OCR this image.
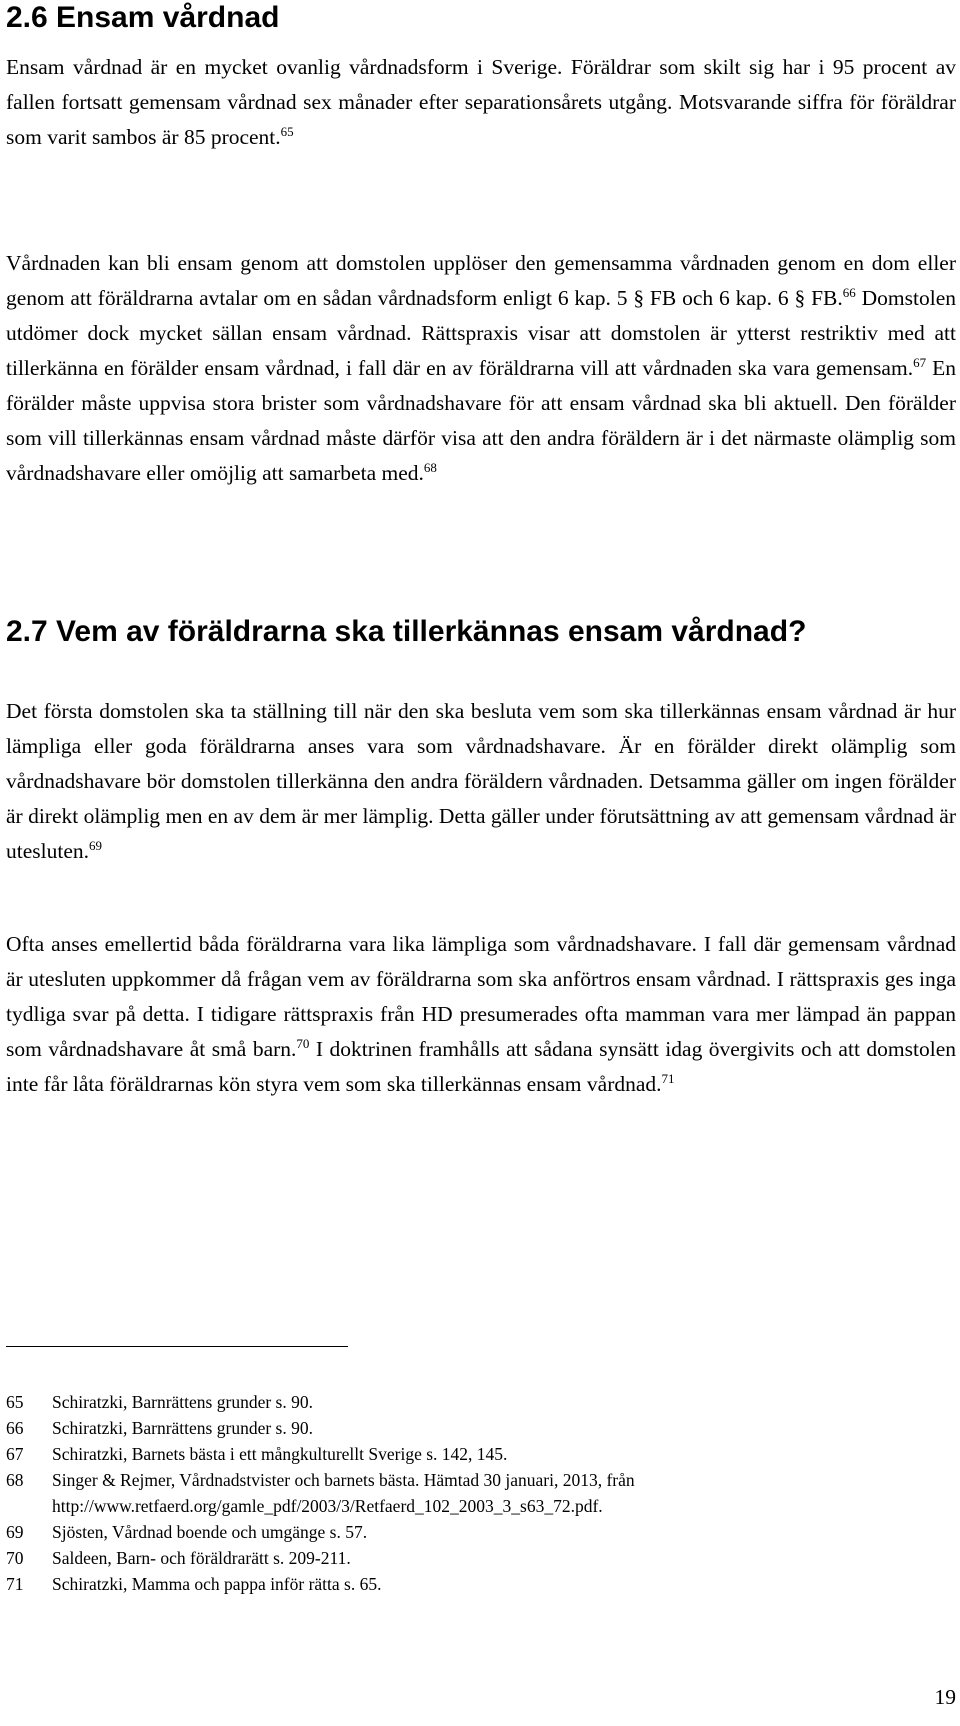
2.6 Ensam vårdnad

Ensam vårdnad är en mycket ovanlig vårdnadsform i Sverige. Föräldrar som skilt sig har i 95 procent av fallen fortsatt gemensam vårdnad sex månader efter separationsårets utgång. Motsvarande siffra för föräldrar som varit sambos är 85 procent.$^{65}$

Vårdnaden kan bli ensam genom att domstolen upplöser den gemensamma vårdnaden genom en dom eller genom att föräldrarna avtalar om en sådan vårdnadsform enligt 6 kap. 5 § FB och 6 kap. 6 § FB.$^{66}$ Domstolen utdömer dock mycket sällan ensam vårdnad. Rättspraxis visar att domstolen är ytterst restriktiv med att tillerkänna en förälder ensam vårdnad, i fall där en av föräldrarna vill att vårdnaden ska vara gemensam.$^{67}$ En förälder måste uppvisa stora brister som vårdnadshavare för att ensam vårdnad ska bli aktuell. Den förälder som vill tillerkännas ensam vårdnad måste därför visa att den andra föräldern är i det närmaste olämplig som vårdnadshavare eller omöjlig att samarbeta med.$^{68}$

2.7 Vem av föräldrarna ska tillerkännas ensam vårdnad?

Det första domstolen ska ta ställning till när den ska besluta vem som ska tillerkännas ensam vårdnad är hur lämpliga eller goda föräldrarna anses vara som vårdnadshavare. Är en förälder direkt olämplig som vårdnadshavare bör domstolen tillerkänna den andra föräldern vårdnaden. Detsamma gäller om ingen förälder är direkt olämplig men en av dem är mer lämplig. Detta gäller under förutsättning av att gemensam vårdnad är utesluten.$^{69}$

Ofta anses emellertid båda föräldrarna vara lika lämpliga som vårdnadshavare. I fall där gemensam vårdnad är utesluten uppkommer då frågan vem av föräldrarna som ska anförtros ensam vårdnad. I rättspraxis ges inga tydliga svar på detta. I tidigare rättspraxis från HD presumerades ofta mamman vara mer lämpad än pappan som vårdnadshavare åt små barn.$^{70}$ I doktrinen framhålls att sådana synsätt idag övergivits och att domstolen inte får låta föräldrarnas kön styra vem som ska tillerkännas ensam vårdnad.$^{71}$

65	Schiratzki, Barnrättens grunder s. 90.
66	Schiratzki, Barnrättens grunder s. 90.
67	Schiratzki, Barnets bästa i ett mångkulturellt Sverige s. 142, 145.
68	Singer & Rejmer, Vårdnadstvister och barnets bästa. Hämtad 30 januari, 2013, från http://www.retfaerd.org/gamle_pdf/2003/3/Retfaerd_102_2003_3_s63_72.pdf.
69	Sjösten, Vårdnad boende och umgänge s. 57.
70	Saldeen, Barn- och föräldrarätt s. 209-211.
71	Schiratzki, Mamma och pappa inför rätta s. 65.
19
